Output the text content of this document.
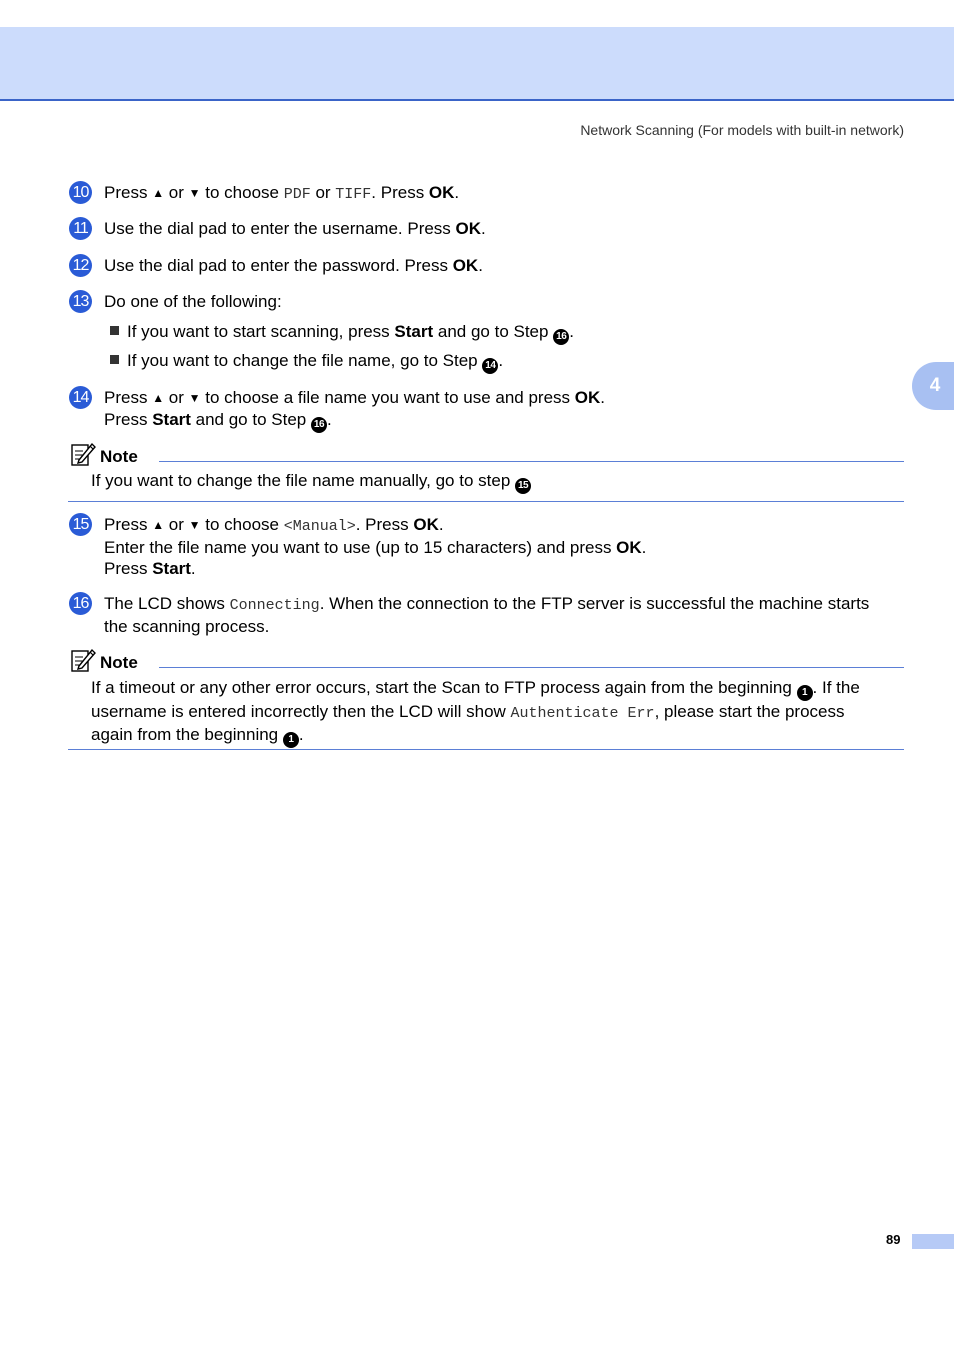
Network Scanning (For models with built-in network)
4
10 Press ▲ or ▼ to choose PDF or TIFF. Press OK.
11 Use the dial pad to enter the username. Press OK.
12 Use the dial pad to enter the password. Press OK.
13 Do one of the following:
If you want to start scanning, press Start and go to Step 16 .
If you want to change the file name, go to Step 14 .
14 Press ▲ or ▼ to choose a file name you want to use and press OK.
Press Start and go to Step 16 .
Note
If you want to change the file name manually, go to step 15
15 Press ▲ or ▼ to choose <Manual>. Press OK.
Enter the file name you want to use (up to 15 characters) and press OK.
Press Start.
16 The LCD shows Connecting. When the connection to the FTP server is successful the machine starts
the scanning process.
Note
If a timeout or any other error occurs, start the Scan to FTP process again from the beginning 1 . If the
username is entered incorrectly then the LCD will show Authenticate Err, please start the process
again from the beginning 1 .
89
